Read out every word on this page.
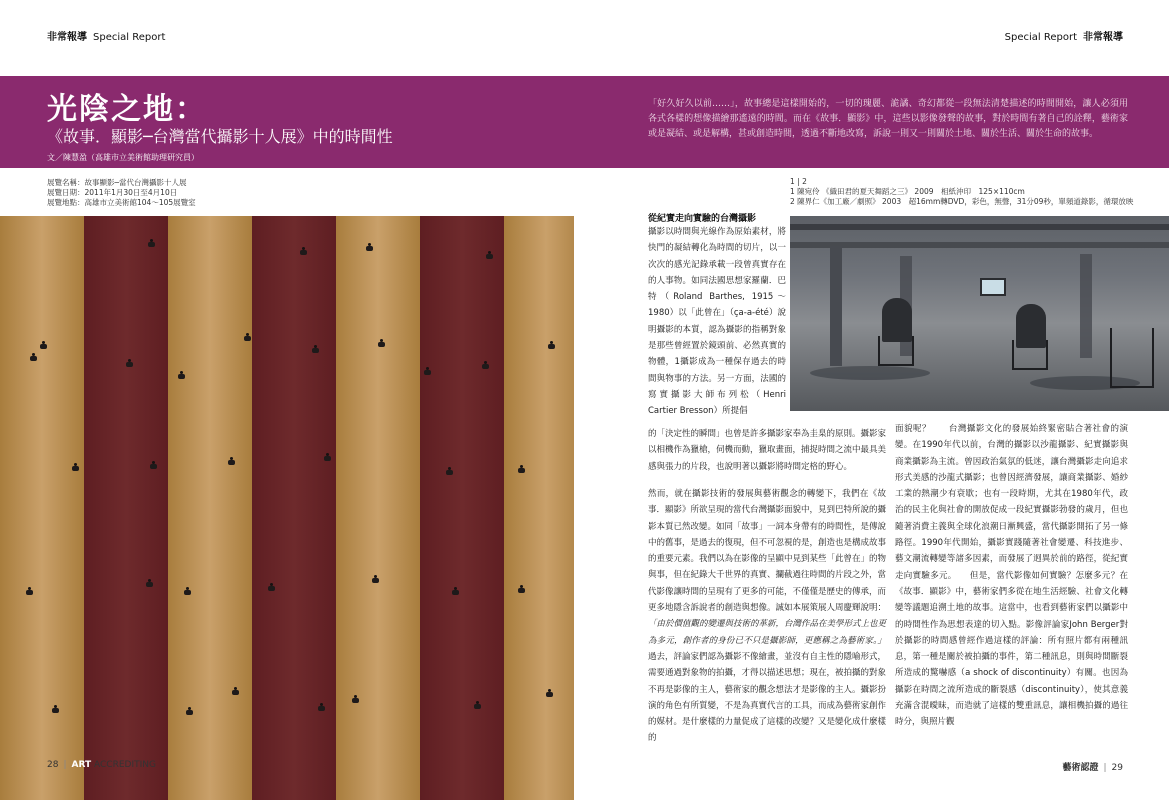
非常報導 Special Report	Special Report 非常報導
光陰之地：
《故事．顯影─台灣當代攝影十人展》中的時間性
文／陳慧盈（高雄市立美術館助理研究員）
「好久好久以前……」，故事總是這樣開始的，一切的瑰麗、詭譎、奇幻都從一段無法清楚描述的時間開始，讓人必須用各式各樣的想像描繪那遙遠的時間。而在《故事．顯影》中，這些以影像發聲的故事，對於時間有著自己的詮釋，藝術家或是凝結、或是解構，甚或創造時間，透過不斷地改寫，訴說一則又一則關於土地、關於生活、關於生命的故事。
展覽名稱：故事顯影─當代台灣攝影十人展
展覽日期：2011年1月30日至4月10日
展覽地點：高雄市立美術館104～105展覽室
1 | 2
1 陳宛伶 《織田君的夏天舞蹈之三》 2009　相紙沖印　125×110cm
2 陳界仁《加工廠／劇照》 2003　超16mm轉DVD，彩色，無聲，31分09秒，單頻道錄影，循環放映
從紀實走向實驗的台灣攝影
攝影以時間與光線作為原始素材，將快門的凝結轉化為時間的切片，以一次次的感光記錄承載一段曾真實存在的人事物。如同法國思想家羅蘭．巴特（Roland Barthes, 1915～1980）以「此曾在」（ça-a-été）說明攝影的本質，認為攝影的指稱對象是那些曾經置於鏡頭前、必然真實的物體，1攝影成為一種保存過去的時間與物事的方法。另一方面，法國的寫實攝影大師布列松（Henri Cartier Bresson）所提倡
的「決定性的瞬間」也曾是許多攝影家奉為圭臬的原則。攝影家以相機作為獵槍，伺機而動，獵取畫面，捕捉時間之流中最具美感與張力的片段，也說明著以攝影將時間定格的野心。
然而，就在攝影技術的發展與藝術觀念的轉變下，我們在《故事．顯影》所欲呈現的當代台灣攝影面貌中，見到巴特所說的攝影本質已然改變。如同「故事」一詞本身帶有的時間性，是傳說中的舊事，是過去的復現，但不可忽視的是，創造也是構成故事的重要元素。我們以為在影像的呈顯中見到某些「此曾在」的物與事，但在紀錄大千世界的真實、攔截過往時間的片段之外，當代影像讓時間的呈現有了更多的可能，不僅僅是歷史的傳承，而更多地隱含訴說者的創造與想像。誠如本展策展人周慶輝說明：「由於價值觀的變遷與技術的革新，台灣作品在美學形式上也更為多元，創作者的身份已不只是攝影師，更應稱之為藝術家。」過去，評論家們認為攝影不像繪畫，並沒有自主性的隱喻形式，需要通過對象物的拍攝，才得以描述思想；現在，被拍攝的對象不再是影像的主人，藝術家的觀念想法才是影像的主人。攝影扮演的角色有所質變，不是為真實代言的工具，而成為藝術家創作的媒材。是什麼樣的力量促成了這樣的改變？又是變化成什麼樣的
面貌呢？　　台灣攝影文化的發展始終緊密貼合著社會的演變。在1990年代以前，台灣的攝影以沙龍攝影、紀實攝影與商業攝影為主流。曾因政治氣氛的低迷，讓台灣攝影走向追求形式美感的沙龍式攝影；也曾因經濟發展，讓商業攝影、婚紗工業的熱潮少有衰歇；也有一段時期，尤其在1980年代，政治的民主化與社會的開放促成一段紀實攝影勃發的歲月，但也隨著消費主義與全球化浪潮日漸興盛，當代攝影開拓了另一條路徑。1990年代開始，攝影實踐隨著社會變遷、科技進步、藝文潮流轉變等諸多因素，而發展了迥異於前的路徑，從紀實走向實驗多元。　　但是，當代影像如何實驗？怎麼多元？在《故事．顯影》中，藝術家們多從在地生活經驗、社會文化轉變等議題追溯土地的故事。這當中，也看到藝術家們以攝影中的時間性作為思想表達的切入點。影像評論家John Berger對於攝影的時間感曾經作過這樣的評論：所有照片都有兩種訊息，第一種是關於被拍攝的事件，第二種訊息，則與時間斷裂所造成的驚嚇感（a shock of discontinuity）有關。也因為攝影在時間之流所造成的斷裂感（discontinuity），使其意義充滿含混曖昧，而造就了這樣的雙重訊息，讓相機拍攝的過往時分，與照片觀
28 | ART ACCREDITING	藝術認證 | 29
